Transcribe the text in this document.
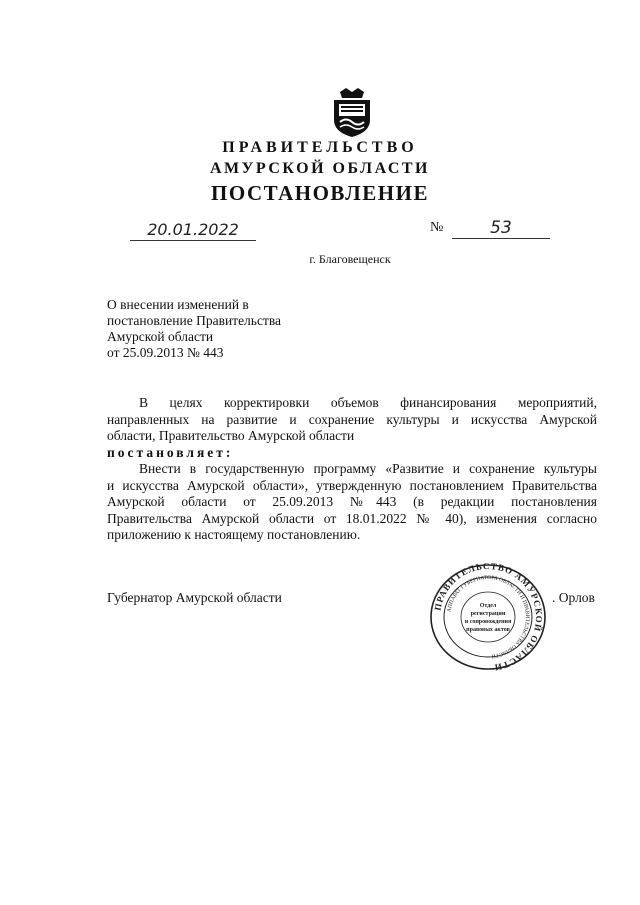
ПРАВИТЕЛЬСТВО
АМУРСКОЙ ОБЛАСТИ
ПОСТАНОВЛЕНИЕ
20.01.2022	№	53
г. Благовещенск
О внесении изменений в
постановление Правительства
Амурской области
от 25.09.2013 № 443
В целях корректировки объемов финансирования мероприятий,
направленных на развитие и сохранение культуры и искусства Амурской
области, Правительство Амурской области
постановляет:
Внести в государственную программу «Развитие и сохранение культуры
и искусства Амурской области», утвержденную постановлением Правительства
Амурской области от 25.09.2013 №443 (в редакции постановления
Правительства Амурской области от 18.01.2022 № 40), изменения согласно
приложению к настоящему постановлению.
Губернатор Амурской области	. Орлов
ПРАВИТЕЛЬСТВО АМУРСКОЙ ОБЛАСТИ
АППАРАТ ГУБЕРНАТОРА ОБЛАСТИ И ПРАВИТЕЛЬСТВА ОБЛАСТИ
Отдел
регистрации
и сопровождения
правовых актов
